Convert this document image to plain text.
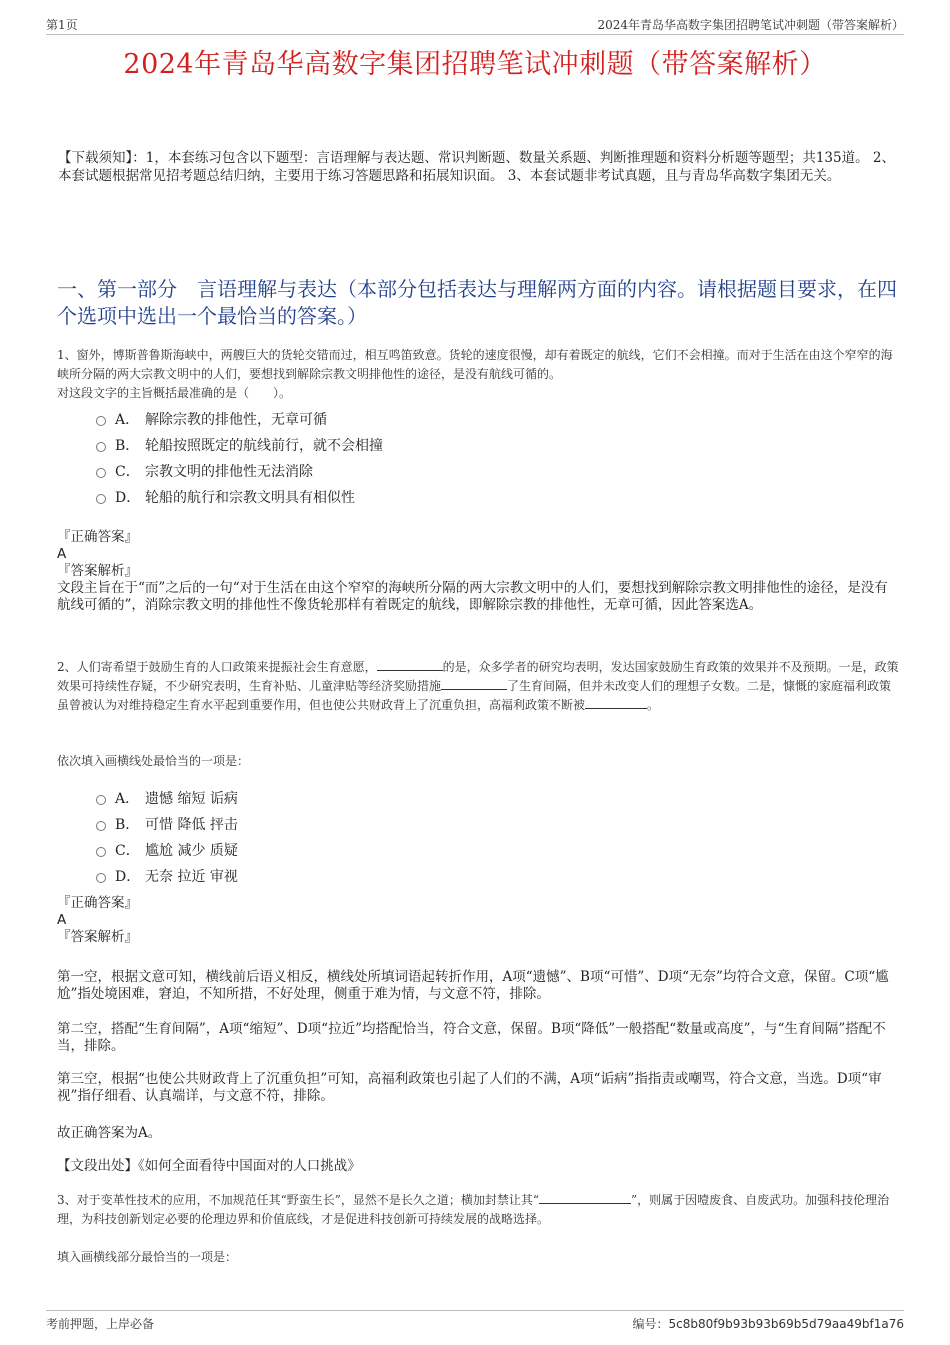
第1页	2024年青岛华高数字集团招聘笔试冲刺题（带答案解析）
2024年青岛华高数字集团招聘笔试冲刺题（带答案解析）
【下载须知】：1，本套练习包含以下题型：言语理解与表达题、常识判断题、数量关系题、判断推理题和资料分析题等题型；共135道。 2、本套试题根据常见招考题总结归纳，主要用于练习答题思路和拓展知识面。 3、本套试题非考试真题，且与青岛华高数字集团无关。
一、第一部分　言语理解与表达（本部分包括表达与理解两方面的内容。请根据题目要求，在四个选项中选出一个最恰当的答案。）
1、窗外，博斯普鲁斯海峡中，两艘巨大的货轮交错而过，相互鸣笛致意。货轮的速度很慢，却有着既定的航线，它们不会相撞。而对于生活在由这个窄窄的海峡所分隔的两大宗教文明中的人们，要想找到解除宗教文明排他性的途径，是没有航线可循的。
对这段文字的主旨概括最准确的是（　　）。
A． 解除宗教的排他性，无章可循
B． 轮船按照既定的航线前行，就不会相撞
C． 宗教文明的排他性无法消除
D． 轮船的航行和宗教文明具有相似性
『正确答案』
A
『答案解析』
文段主旨在于“而”之后的一句“对于生活在由这个窄窄的海峡所分隔的两大宗教文明中的人们，要想找到解除宗教文明排他性的途径，是没有航线可循的”，消除宗教文明的排他性不像货轮那样有着既定的航线，即解除宗教的排他性，无章可循，因此答案选A。
2、人们寄希望于鼓励生育的人口政策来提振社会生育意愿，	的是，众多学者的研究均表明，发达国家鼓励生育政策的效果并不及预期。一是，政策效果可持续性存疑，不少研究表明，生育补贴、儿童津贴等经济奖励措施	了生育间隔，但并未改变人们的理想子女数。二是，慷慨的家庭福利政策虽曾被认为对维持稳定生育水平起到重要作用，但也使公共财政背上了沉重负担，高福利政策不断被	。
依次填入画横线处最恰当的一项是：
A． 遗憾 缩短 诟病
B． 可惜 降低 抨击
C． 尴尬 减少 质疑
D． 无奈 拉近 审视
『正确答案』
A
『答案解析』
第一空，根据文意可知，横线前后语义相反，横线处所填词语起转折作用，A项“遗憾”、B项“可惜”、D项“无奈”均符合文意，保留。C项“尴尬”指处境困难，窘迫，不知所措，不好处理，侧重于难为情，与文意不符，排除。
第二空，搭配“生育间隔”，A项“缩短”、D项“拉近”均搭配恰当，符合文意，保留。B项“降低”一般搭配“数量或高度”，与“生育间隔”搭配不当，排除。
第三空，根据“也使公共财政背上了沉重负担”可知，高福利政策也引起了人们的不满，A项“诟病”指指责或嘲骂，符合文意，当选。D项“审视”指仔细看、认真端详，与文意不符，排除。
故正确答案为A。
【文段出处】《如何全面看待中国面对的人口挑战》
3、对于变革性技术的应用，不加规范任其“野蛮生长”，显然不是长久之道；横加封禁让其“	”，则属于因噎废食、自废武功。加强科技伦理治理，为科技创新划定必要的伦理边界和价值底线，才是促进科技创新可持续发展的战略选择。
填入画横线部分最恰当的一项是：
考前押题，上岸必备	编号：5c8b80f9b93b93b69b5d79aa49bf1a76
